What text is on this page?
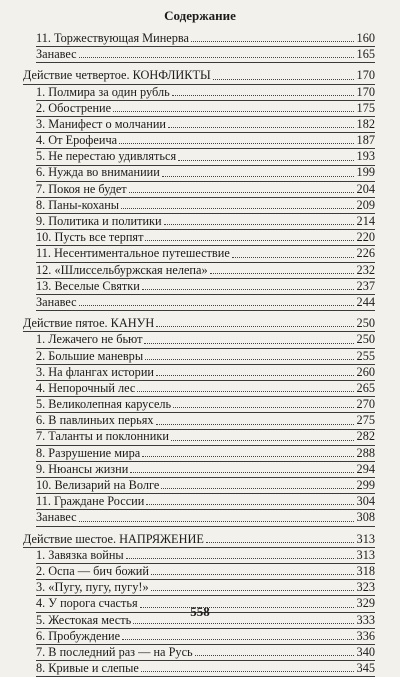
Содержание
11. Торжествующая Минерва	160
Занавес	165
Действие четвертое. КОНФЛИКТЫ	170
1. Полмира за один рубль	170
2. Обострение	175
3. Манифест о молчании	182
4. От Ерофеича	187
5. Не перестаю удивляться	193
6. Нужда во вниманиии	199
7. Покоя не будет	204
8. Паны-коханы	209
9. Политика и политики	214
10. Пусть все терпят	220
11. Несентиментальное путешествие	226
12. «Шлиссельбуржская нелепа»	232
13. Веселые Святки	237
Занавес	244
Действие пятое. КАНУН	250
1. Лежачего не бьют	250
2. Большие маневры	255
3. На флангах истории	260
4. Непорочный лес	265
5. Великолепная карусель	270
6. В павлиньих перьях	275
7. Таланты и поклонники	282
8. Разрушение мира	288
9. Нюансы жизни	294
10. Велизарий на Волге	299
11. Граждане России	304
Занавес	308
Действие шестое. НАПРЯЖЕНИЕ	313
1. Завязка войны	313
2. Оспа — бич божий	318
3. «Пугу, пугу, пугу!»	323
4. У порога счастья	329
5. Жестокая месть	333
6. Пробуждение	336
7. В последний раз — на Русь	340
8. Кривые и слепые	345
558
